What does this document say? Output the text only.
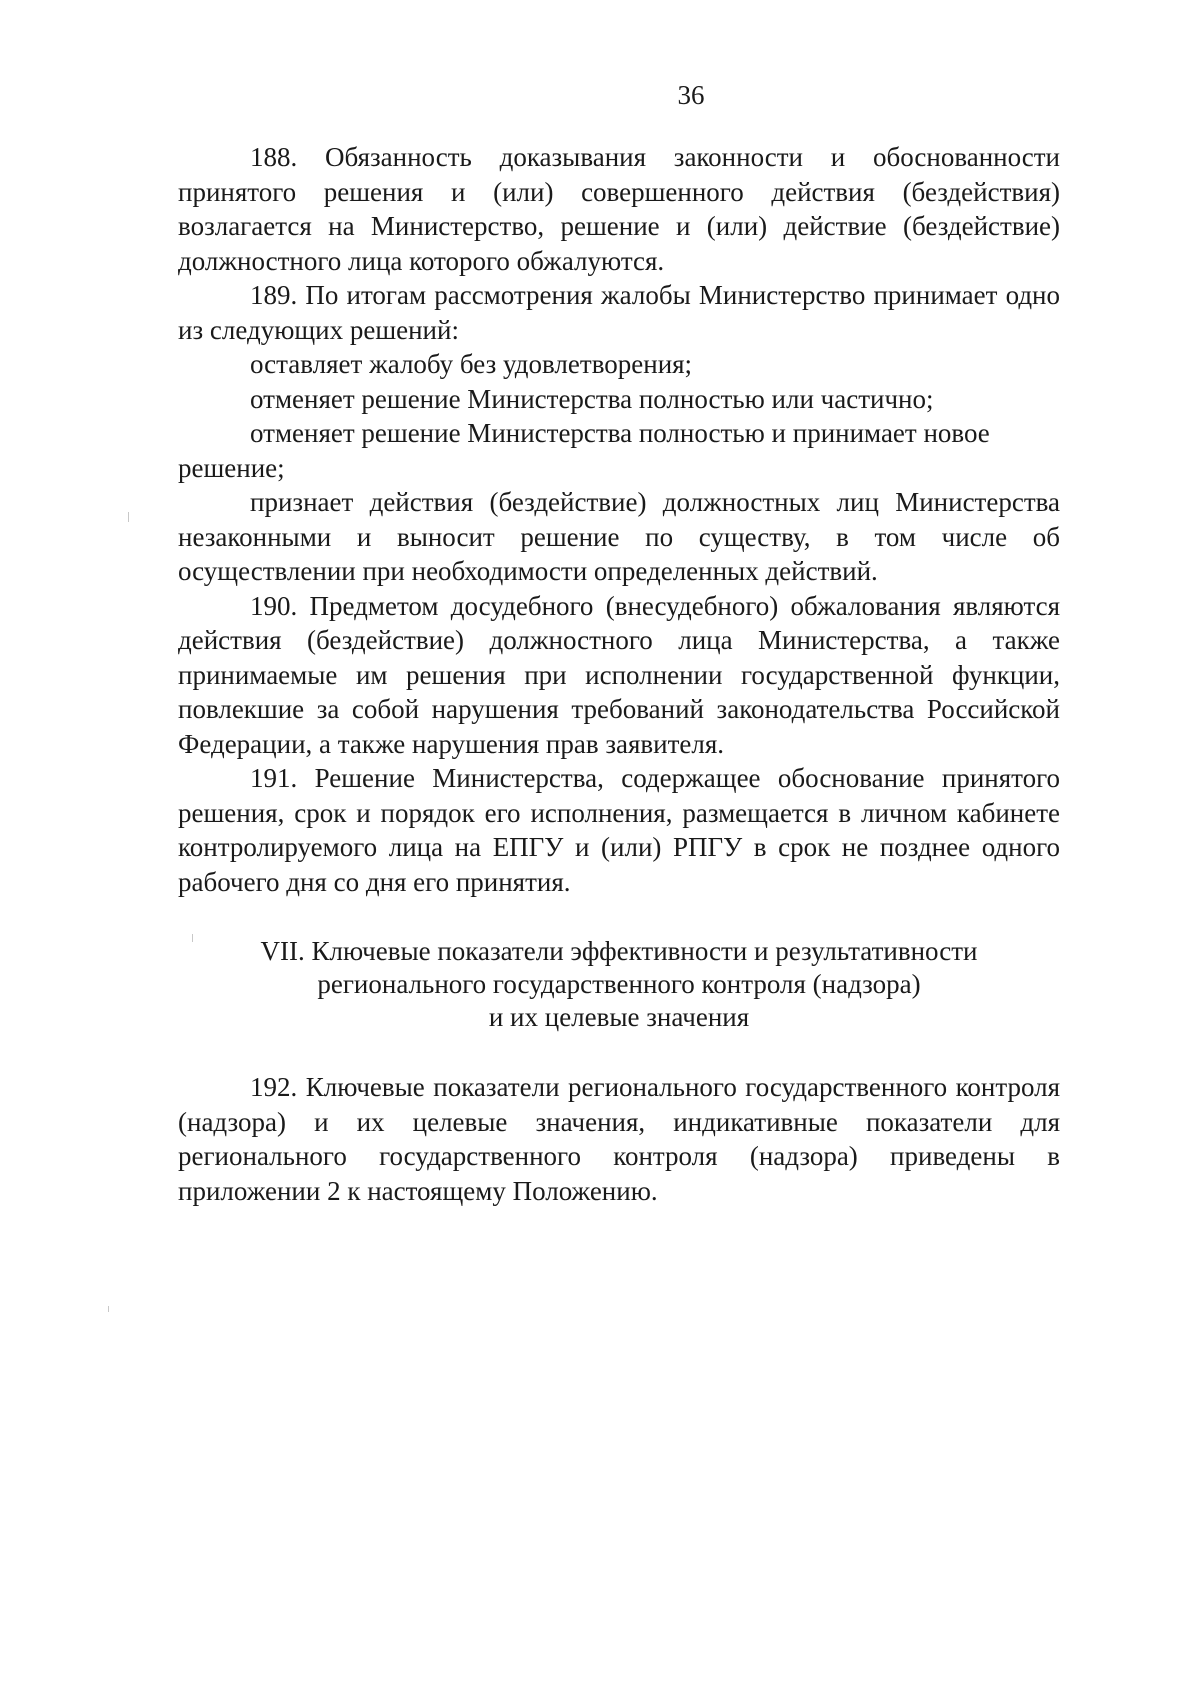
36

188. Обязанность доказывания законности и обоснованности принятого решения и (или) совершенного действия (бездействия) возлагается на Министерство, решение и (или) действие (бездействие) должностного лица которого обжалуются.

189. По итогам рассмотрения жалобы Министерство принимает одно из следующих решений:

оставляет жалобу без удовлетворения;

отменяет решение Министерства полностью или частично;

отменяет решение Министерства полностью и принимает новое решение;

признает действия (бездействие) должностных лиц Министерства незаконными и выносит решение по существу, в том числе об осуществлении при необходимости определенных действий.

190. Предметом досудебного (внесудебного) обжалования являются действия (бездействие) должностного лица Министерства, а также принимаемые им решения при исполнении государственной функции, повлекшие за собой нарушения требований законодательства Российской Федерации, а также нарушения прав заявителя.

191. Решение Министерства, содержащее обоснование принятого решения, срок и порядок его исполнения, размещается в личном кабинете контролируемого лица на ЕПГУ и (или) РПГУ в срок не позднее одного рабочего дня со дня его принятия.

VII. Ключевые показатели эффективности и результативности
регионального государственного контроля (надзора)
и их целевые значения

192. Ключевые показатели регионального государственного контроля (надзора) и их целевые значения, индикативные показатели для регионального государственного контроля (надзора) приведены в приложении 2 к настоящему Положению.
